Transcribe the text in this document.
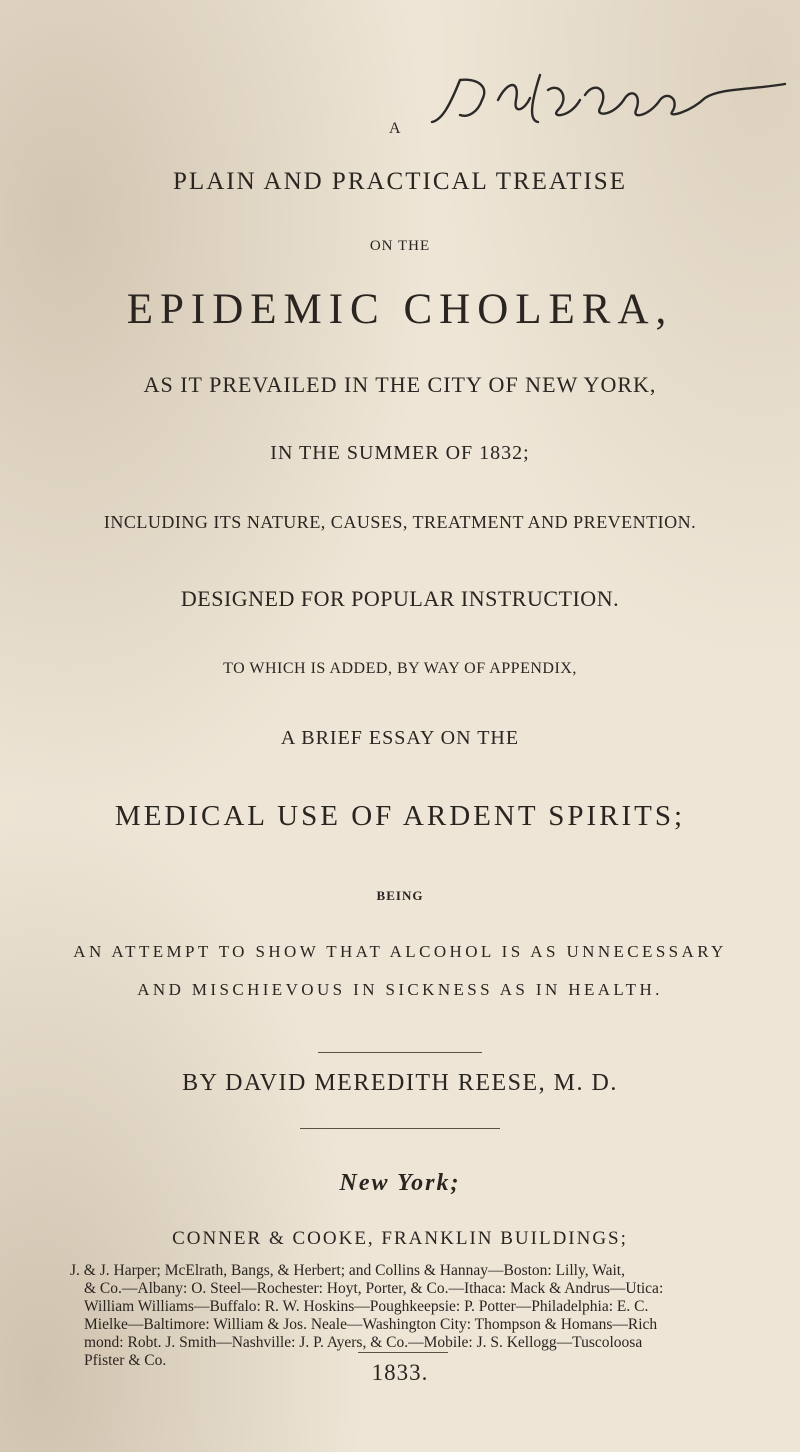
A
PLAIN AND PRACTICAL TREATISE
ON THE
EPIDEMIC CHOLERA,
AS IT PREVAILED IN THE CITY OF NEW YORK,
IN THE SUMMER OF 1832;
INCLUDING ITS NATURE, CAUSES, TREATMENT AND PREVENTION.
DESIGNED FOR POPULAR INSTRUCTION.
TO WHICH IS ADDED, BY WAY OF APPENDIX,
A BRIEF ESSAY ON THE
MEDICAL USE OF ARDENT SPIRITS;
BEING
AN ATTEMPT TO SHOW THAT ALCOHOL IS AS UNNECESSARY
AND MISCHIEVOUS IN SICKNESS AS IN HEALTH.
BY DAVID MEREDITH REESE, M. D.
New York;
CONNER & COOKE, FRANKLIN BUILDINGS;
J. & J. Harper; McElrath, Bangs, & Herbert; and Collins & Hannay—Boston: Lilly, Wait,
& Co.—Albany: O. Steel—Rochester: Hoyt, Porter, & Co.—Ithaca: Mack & Andrus—Utica:
William Williams—Buffalo: R. W. Hoskins—Poughkeepsie: P. Potter—Philadelphia: E. C.
Mielke—Baltimore: William & Jos. Neale—Washington City: Thompson & Homans—Rich
mond: Robt. J. Smith—Nashville: J. P. Ayers, & Co.—Mobile: J. S. Kellogg—Tuscoloosa
Pfister & Co.	1833.
